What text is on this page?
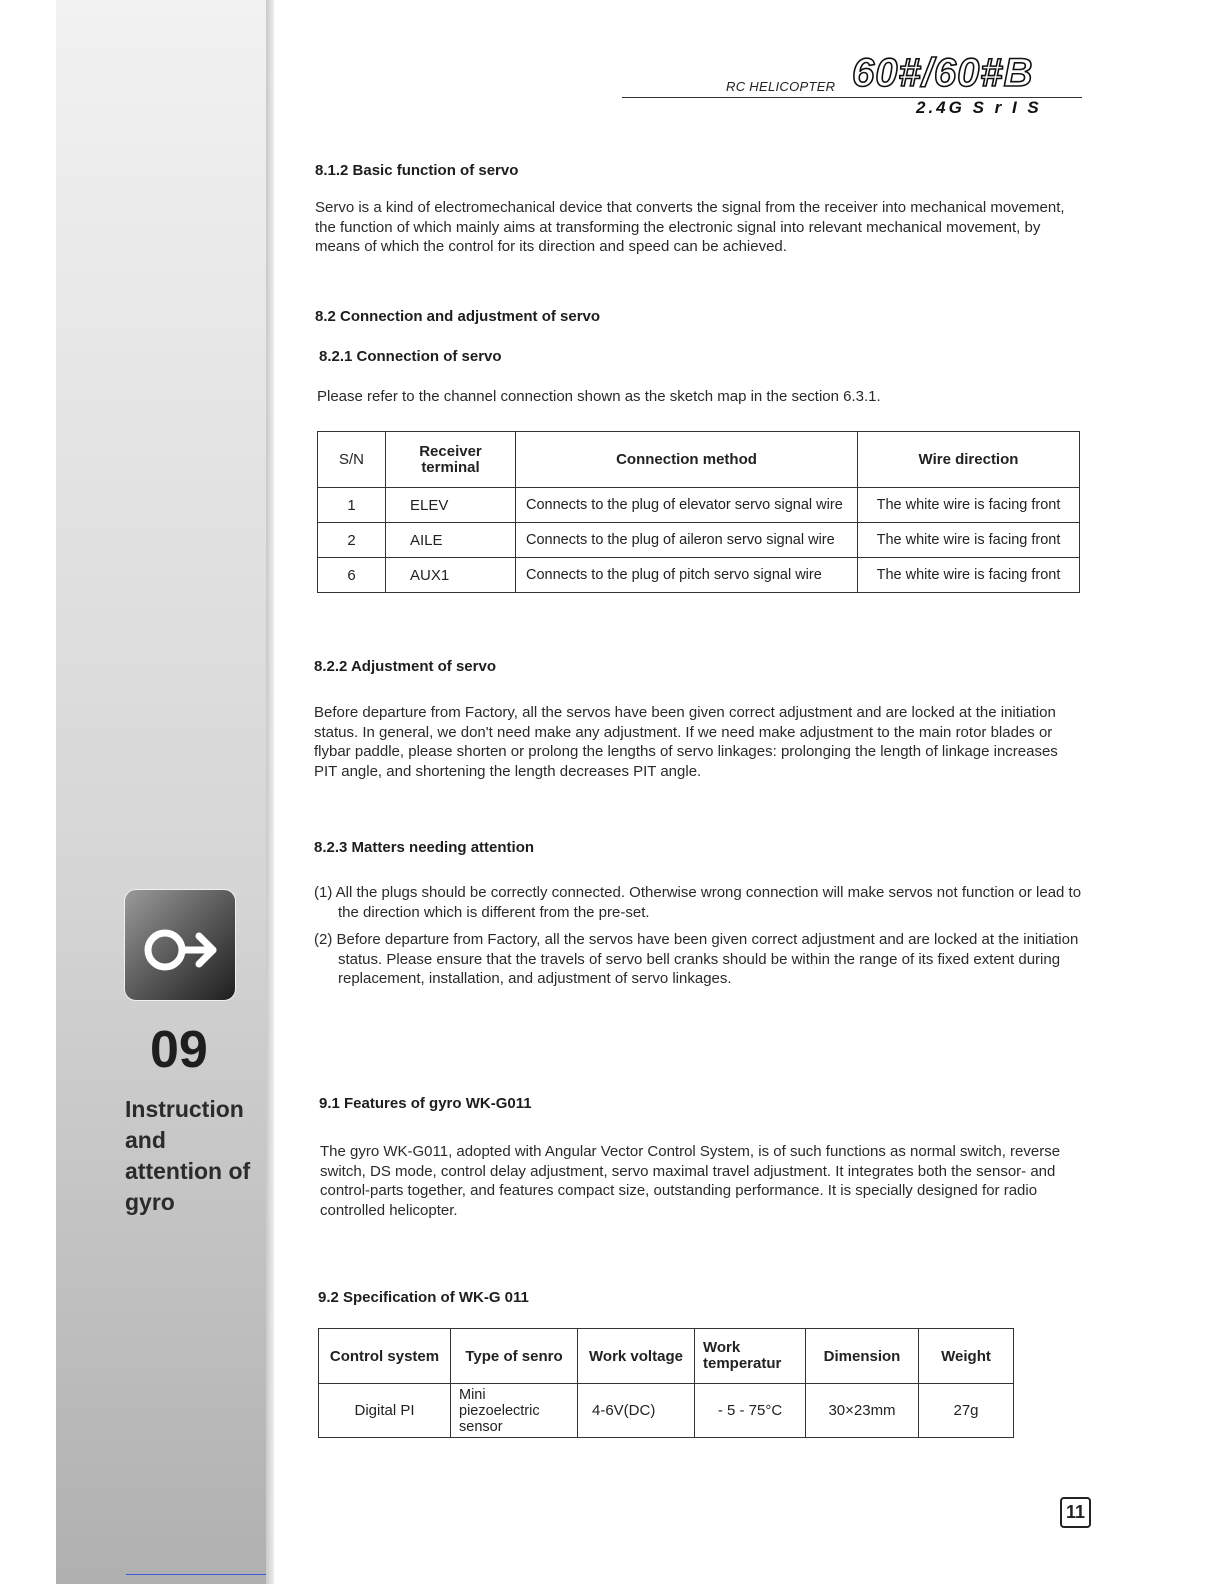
09
Instruction and attention of gyro
RC HELICOPTER 60#/60#B
2.4G S r I S
8.1.2 Basic function of servo
Servo is a kind of electromechanical device that converts the signal from the receiver into mechanical movement, the function of which mainly aims at transforming the electronic signal into relevant mechanical movement, by means of which the control for its direction and speed can be achieved.
8.2 Connection and adjustment of servo
8.2.1 Connection of servo
Please refer to the channel connection shown as the sketch map in the section 6.3.1.
S/N	Receiver terminal	Connection method	Wire direction
1	ELEV	Connects to the plug of elevator servo signal wire	The white wire is facing front
2	AILE	Connects to the plug of aileron servo signal wire	The white wire is facing front
6	AUX1	Connects to the plug of pitch servo signal wire	The white wire is facing front
8.2.2 Adjustment of servo
Before departure from Factory, all the servos have been given correct adjustment and are locked at the initiation status. In general, we don't need make any adjustment. If we need make adjustment to the main rotor blades or flybar paddle, please shorten or prolong the lengths of servo linkages: prolonging the length of linkage increases PIT angle, and shortening the length decreases PIT angle.
8.2.3 Matters needing attention
(1) All the plugs should be correctly connected. Otherwise wrong connection will make servos not function or lead to the direction which is different from the pre-set.
(2) Before departure from Factory, all the servos have been given correct adjustment and are locked at the initiation status. Please ensure that the travels of servo bell cranks should be within the range of its fixed extent during replacement, installation, and adjustment of servo linkages.
9.1 Features of gyro WK-G011
The gyro WK-G011, adopted with Angular Vector Control System, is of such functions as normal switch, reverse switch, DS mode, control delay adjustment, servo maximal travel adjustment. It integrates both the sensor- and control-parts together, and features compact size, outstanding performance. It is specially designed for radio controlled helicopter.
9.2 Specification of WK-G 011
Control system	Type of senro	Work voltage	Work temperatur	Dimension	Weight
Digital PI	Mini piezoelectric sensor	4-6V(DC)	- 5 - 75°C	30×23mm	27g
11
